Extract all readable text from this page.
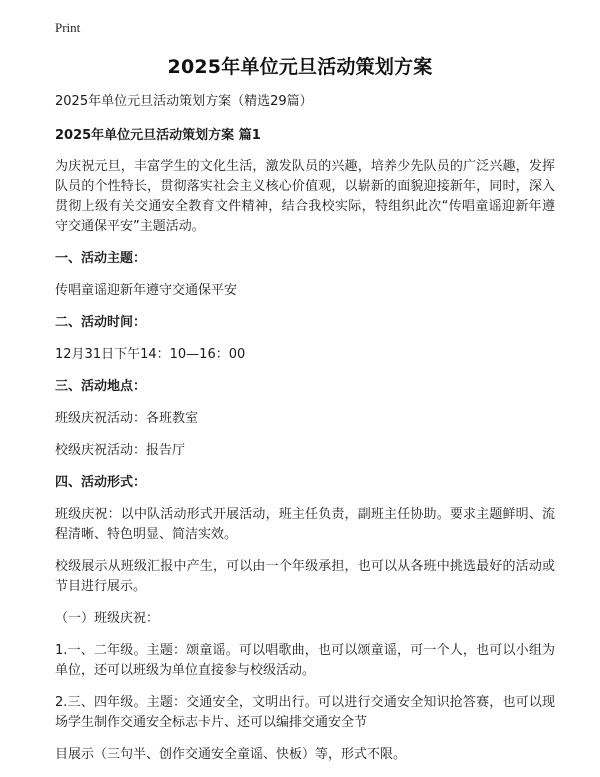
Print
2025年单位元旦活动策划方案

2025年单位元旦活动策划方案（精选29篇）

2025年单位元旦活动策划方案 篇1

为庆祝元旦，丰富学生的文化生活，激发队员的兴趣，培养少先队员的广泛兴趣，发挥队员的个性特长，贯彻落实社会主义核心价值观，以崭新的面貌迎接新年，同时，深入贯彻上级有关交通安全教育文件精神，结合我校实际，特组织此次“传唱童谣迎新年遵守交通保平安”主题活动。

一、活动主题：

传唱童谣迎新年遵守交通保平安

二、活动时间：

12月31日下午14：10—16：00

三、活动地点：

班级庆祝活动：各班教室

校级庆祝活动：报告厅

四、活动形式：

班级庆祝：以中队活动形式开展活动，班主任负责，副班主任协助。要求主题鲜明、流程清晰、特色明显、简洁实效。

校级展示从班级汇报中产生，可以由一个年级承担，也可以从各班中挑选最好的活动或节目进行展示。

（一）班级庆祝：

1.一、二年级。主题：颂童谣。可以唱歌曲，也可以颂童谣，可一个人，也可以小组为单位，还可以班级为单位直接参与校级活动。

2.三、四年级。主题：交通安全，文明出行。可以进行交通安全知识抢答赛，也可以现场学生制作交通安全标志卡片、还可以编排交通安全节

目展示（三句半、创作交通安全童谣、快板）等，形式不限。
